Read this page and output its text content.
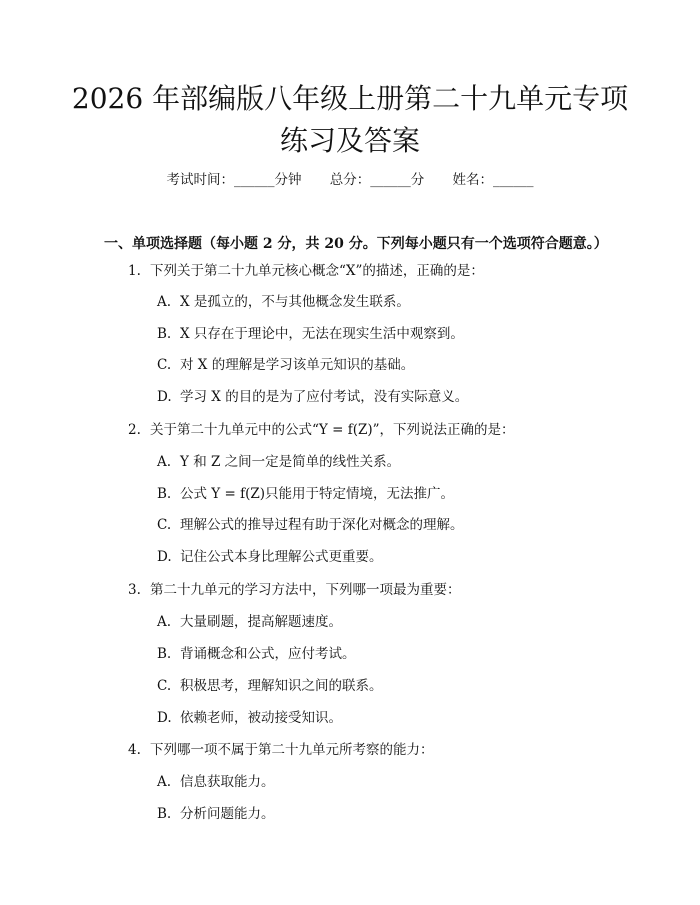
2026 年部编版八年级上册第二十九单元专项
练习及答案
考试时间：______分钟 总分：______分 姓名：______
一、单项选择题（每小题 2 分，共 20 分。下列每小题只有一个选项符合题意。）
1. 下列关于第二十九单元核心概念“X”的描述，正确的是：
A. X 是孤立的，不与其他概念发生联系。
B. X 只存在于理论中，无法在现实生活中观察到。
C. 对 X 的理解是学习该单元知识的基础。
D. 学习 X 的目的是为了应付考试，没有实际意义。
2. 关于第二十九单元中的公式“Y = f(Z)”，下列说法正确的是：
A. Y 和 Z 之间一定是简单的线性关系。
B. 公式 Y = f(Z)只能用于特定情境，无法推广。
C. 理解公式的推导过程有助于深化对概念的理解。
D. 记住公式本身比理解公式更重要。
3. 第二十九单元的学习方法中，下列哪一项最为重要：
A. 大量刷题，提高解题速度。
B. 背诵概念和公式，应付考试。
C. 积极思考，理解知识之间的联系。
D. 依赖老师，被动接受知识。
4. 下列哪一项不属于第二十九单元所考察的能力：
A. 信息获取能力。
B. 分析问题能力。
